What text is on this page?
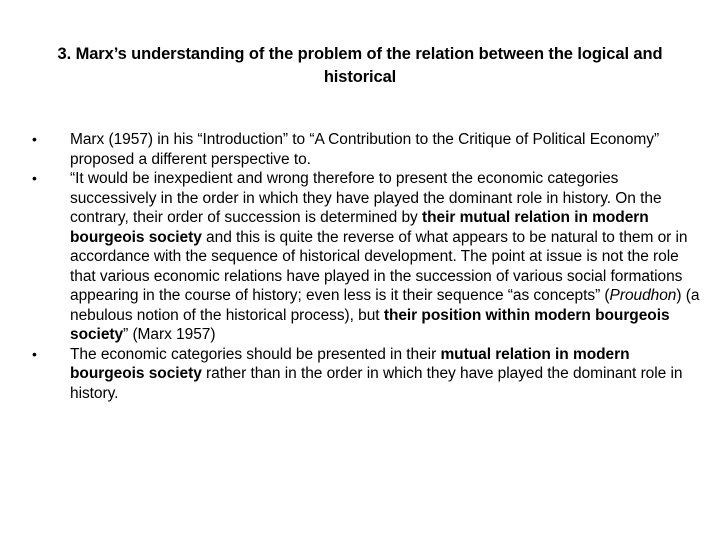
3. Marx’s understanding of the problem of the relation between the logical and historical
•	Marx (1957) in his “Introduction” to “A Contribution to the Critique of Political Economy” proposed a different perspective to.
•	“It would be inexpedient and wrong therefore to present the economic categories successively in the order in which they have played the dominant role in history. On the contrary, their order of succession is determined by their mutual relation in modern bourgeois society and this is quite the reverse of what appears to be natural to them or in accordance with the sequence of historical development. The point at issue is not the role that various economic relations have played in the succession of various social formations appearing in the course of history; even less is it their sequence “as concepts” (Proudhon) (a nebulous notion of the historical process), but their position within modern bourgeois society” (Marx 1957)
•	The economic categories should be presented in their mutual relation in modern bourgeois society rather than in the order in which they have played the dominant role in history.
